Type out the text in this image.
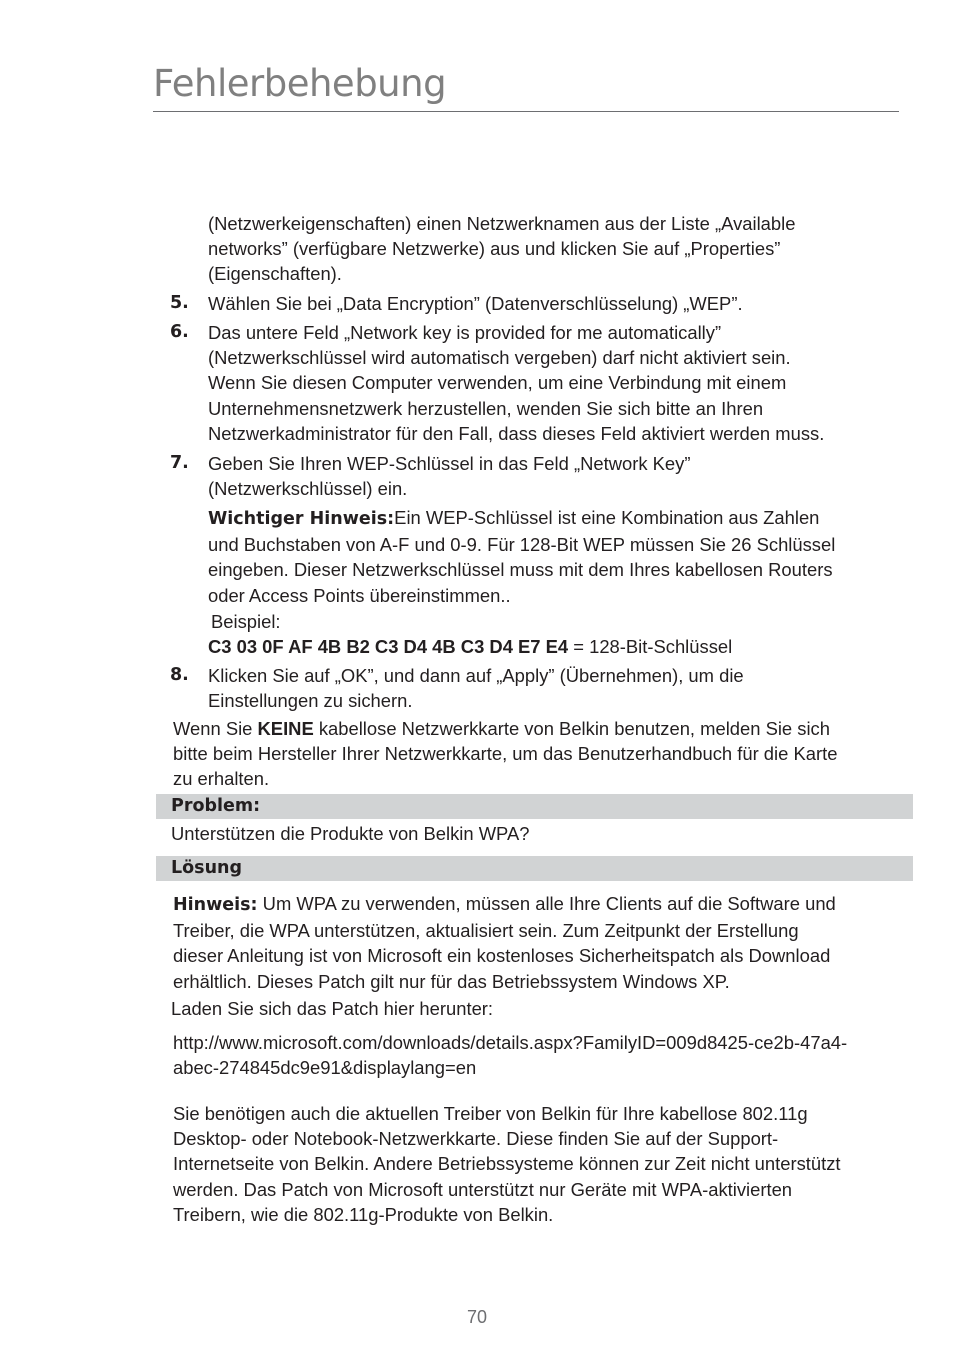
Fehlerbehebung
(Netzwerkeigenschaften) einen Netzwerknamen aus der Liste „Available
networks” (verfügbare Netzwerke) aus und klicken Sie auf „Properties”
(Eigenschaften).
5. Wählen Sie bei „Data Encryption” (Datenverschlüsselung) „WEP”.
6. Das untere Feld „Network key is provided for me automatically”
(Netzwerkschlüssel wird automatisch vergeben) darf nicht aktiviert sein.
Wenn Sie diesen Computer verwenden, um eine Verbindung mit einem
Unternehmensnetzwerk herzustellen, wenden Sie sich bitte an Ihren
Netzwerkadministrator für den Fall, dass dieses Feld aktiviert werden muss.
7. Geben Sie Ihren WEP-Schlüssel in das Feld „Network Key”
(Netzwerkschlüssel) ein.
Wichtiger Hinweis:Ein WEP-Schlüssel ist eine Kombination aus Zahlen
und Buchstaben von A-F und 0-9. Für 128-Bit WEP müssen Sie 26 Schlüssel
eingeben. Dieser Netzwerkschlüssel muss mit dem Ihres kabellosen Routers
oder Access Points übereinstimmen..
Beispiel:
C3 03 0F AF 4B B2 C3 D4 4B C3 D4 E7 E4 = 128-Bit-Schlüssel
8. Klicken Sie auf „OK”, und dann auf „Apply” (Übernehmen), um die
Einstellungen zu sichern.
Wenn Sie KEINE kabellose Netzwerkkarte von Belkin benutzen, melden Sie sich
bitte beim Hersteller Ihrer Netzwerkkarte, um das Benutzerhandbuch für die Karte
zu erhalten.
Problem:
Unterstützen die Produkte von Belkin WPA?
Lösung
Hinweis: Um WPA zu verwenden, müssen alle Ihre Clients auf die Software und
Treiber, die WPA unterstützen, aktualisiert sein. Zum Zeitpunkt der Erstellung
dieser Anleitung ist von Microsoft ein kostenloses Sicherheitspatch als Download
erhältlich. Dieses Patch gilt nur für das Betriebssystem Windows XP.
Laden Sie sich das Patch hier herunter:
http://www.microsoft.com/downloads/details.aspx?FamilyID=009d8425-ce2b-47a4-
abec-274845dc9e91&displaylang=en
Sie benötigen auch die aktuellen Treiber von Belkin für Ihre kabellose 802.11g
Desktop- oder Notebook-Netzwerkkarte. Diese finden Sie auf der Support-
Internetseite von Belkin. Andere Betriebssysteme können zur Zeit nicht unterstützt
werden. Das Patch von Microsoft unterstützt nur Geräte mit WPA-aktivierten
Treibern, wie die 802.11g-Produkte von Belkin.
70
